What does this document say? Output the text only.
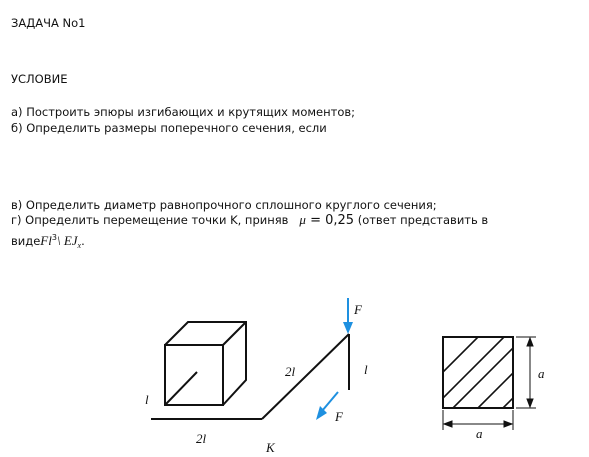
ЗАДАЧА No1

УСЛОВИЕ

а) Построить эпюры изгибающих и крутящих моментов;

б) Определить размеры поперечного сечения, если

в) Определить диаметр равнопрочного сплошного круглого сечения;

г) Определить перемещение точки K, приняв μ = 0,25 (ответ представить в

видеFl$^3$\ $EJ_x$.

F
F
l
2l
2l	l
K
a
a
